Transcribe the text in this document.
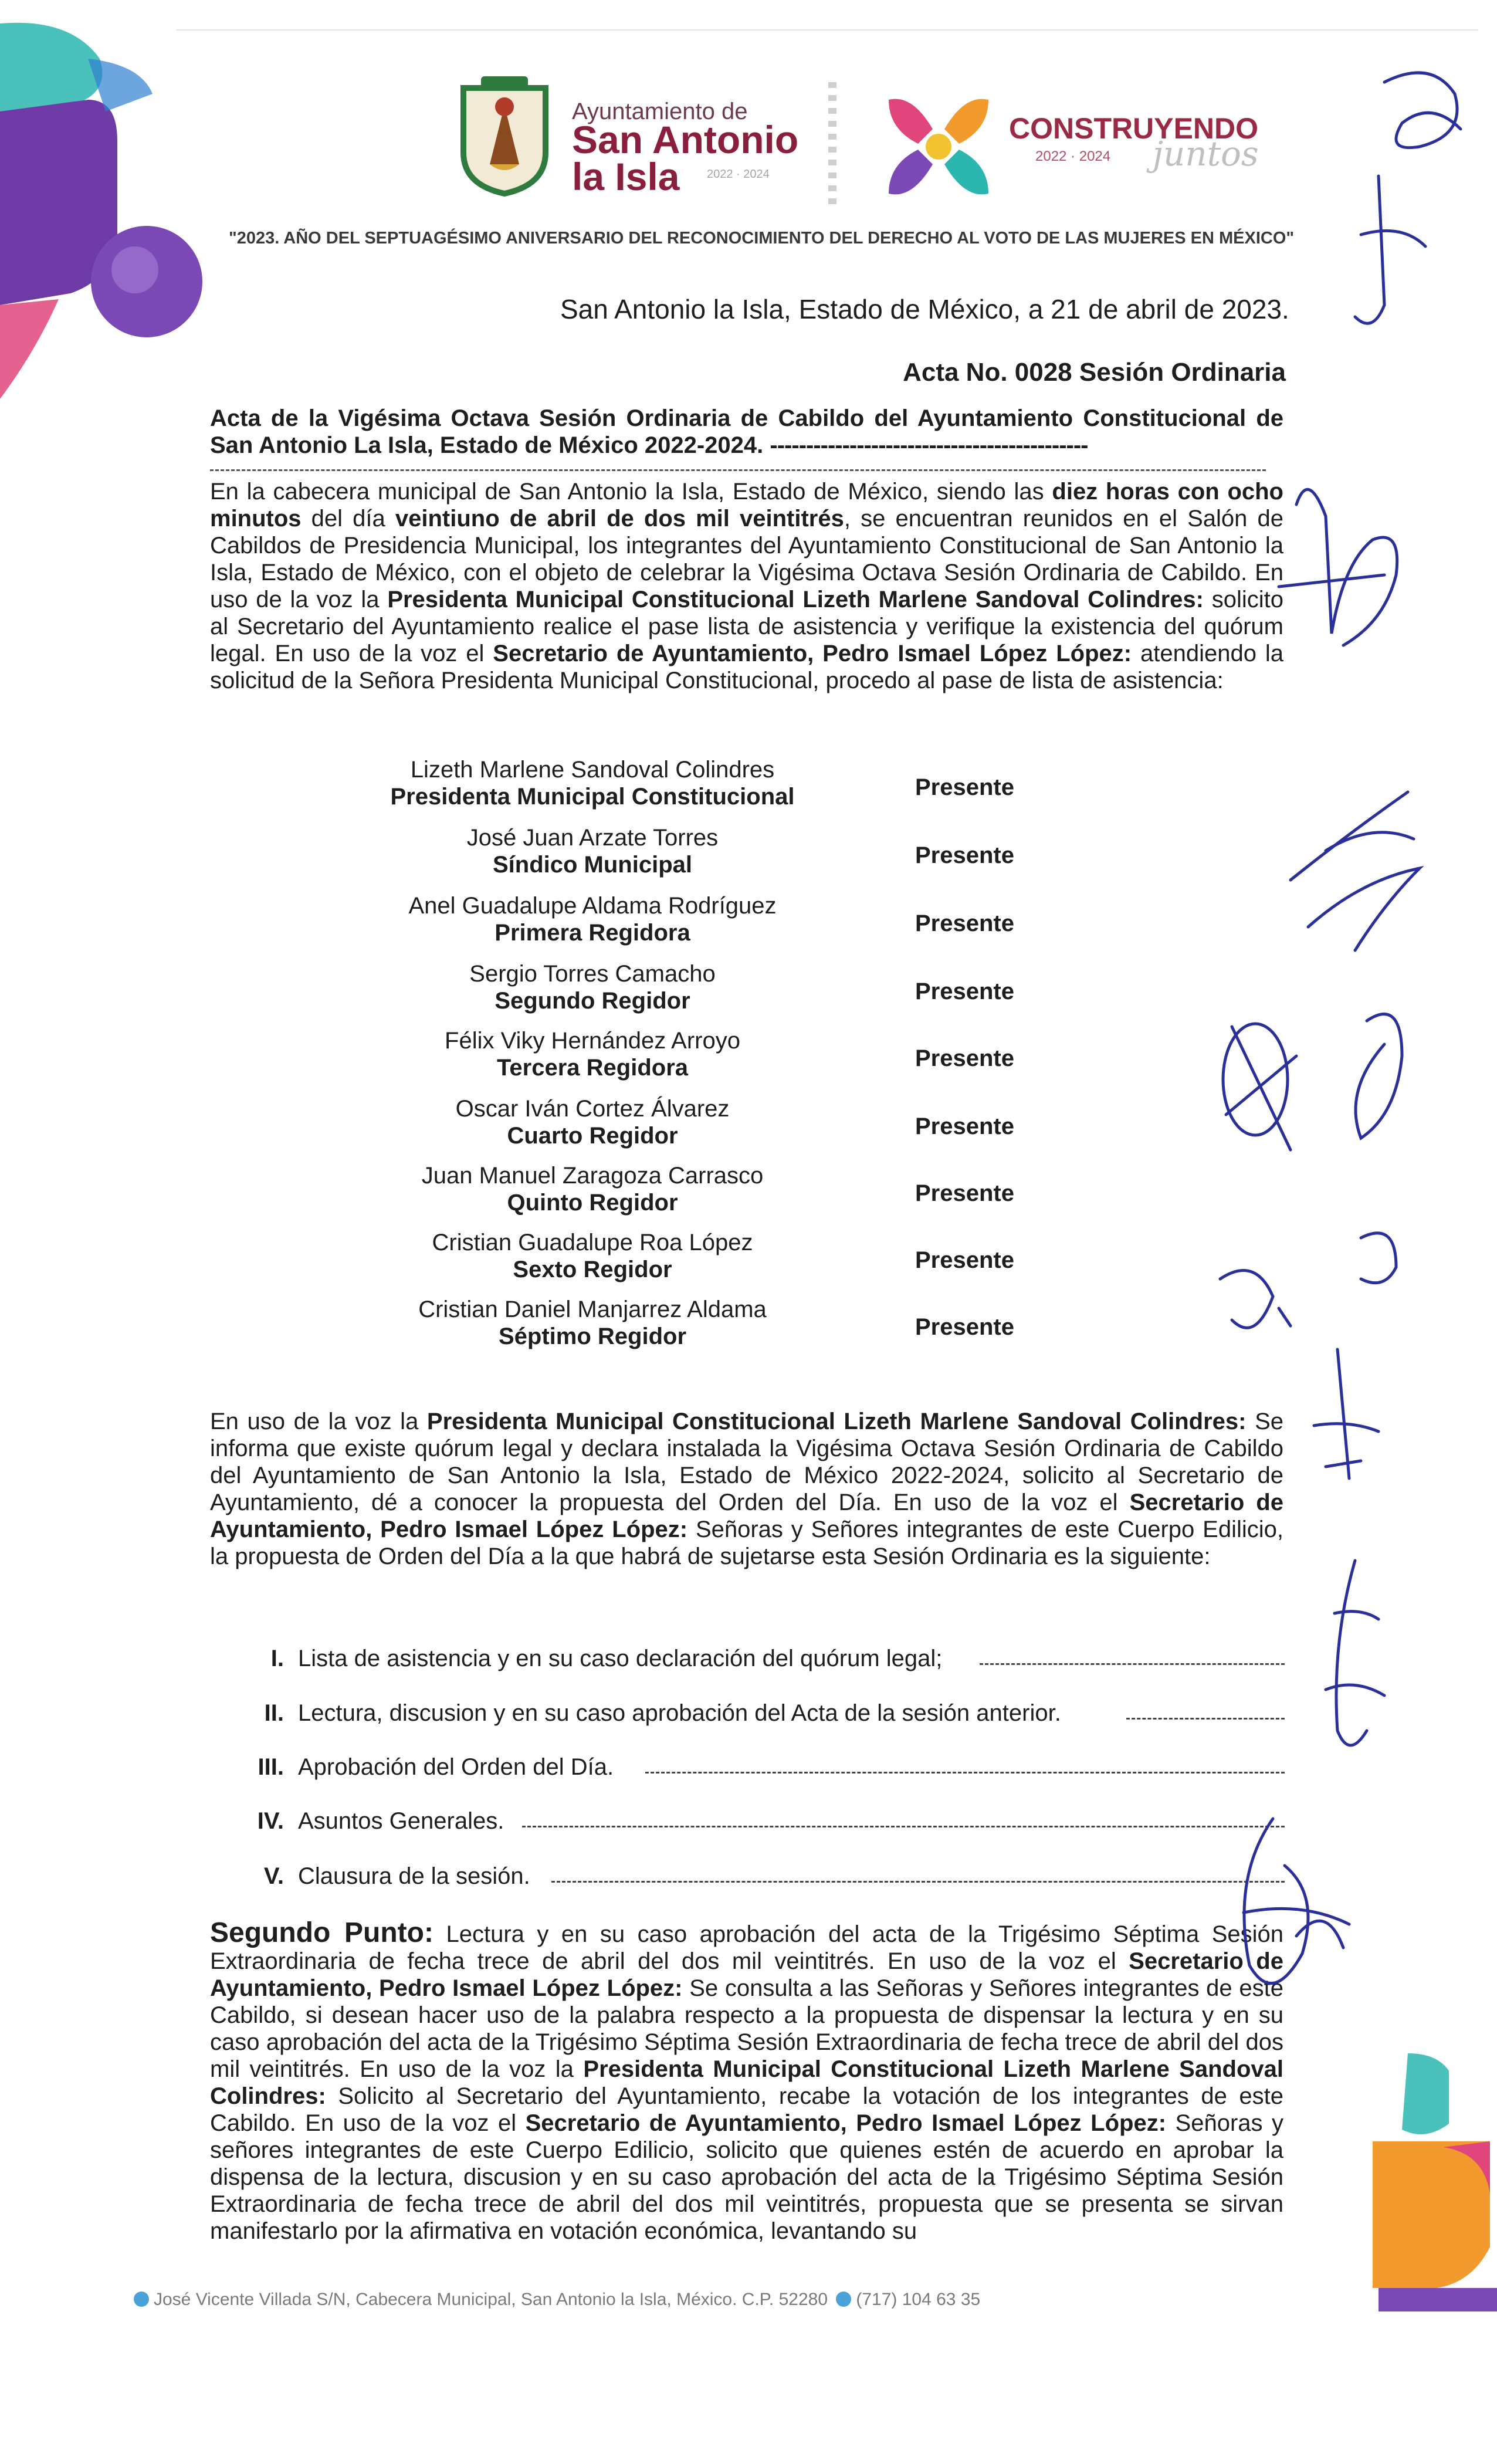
Ayuntamiento de
San Antonio
la Isla 2022 · 2024
CONSTRUYENDO
2022 · 2024 juntos
"2023. AÑO DEL SEPTUAGÉSIMO ANIVERSARIO DEL RECONOCIMIENTO DEL DERECHO AL VOTO DE LAS MUJERES EN MÉXICO"
San Antonio la Isla, Estado de México, a 21 de abril de 2023.
Acta No. 0028 Sesión Ordinaria
Acta de la Vigésima Octava Sesión Ordinaria de Cabildo del Ayuntamiento Constitucional de San Antonio La Isla, Estado de México 2022-2024. --------------------------------------------
En la cabecera municipal de San Antonio la Isla, Estado de México, siendo las diez horas con ocho minutos del día veintiuno de abril de dos mil veintitrés, se encuentran reunidos en el Salón de Cabildos de Presidencia Municipal, los integrantes del Ayuntamiento Constitucional de San Antonio la Isla, Estado de México, con el objeto de celebrar la Vigésima Octava Sesión Ordinaria de Cabildo. En uso de la voz la Presidenta Municipal Constitucional Lizeth Marlene Sandoval Colindres: solicito al Secretario del Ayuntamiento realice el pase lista de asistencia y verifique la existencia del quórum legal. En uso de la voz el Secretario de Ayuntamiento, Pedro Ismael López López: atendiendo la solicitud de la Señora Presidenta Municipal Constitucional, procedo al pase de lista de asistencia:
Lizeth Marlene Sandoval Colindres
Presidenta Municipal Constitucional	Presente
José Juan Arzate Torres
Síndico Municipal	Presente
Anel Guadalupe Aldama Rodríguez
Primera Regidora	Presente
Sergio Torres Camacho
Segundo Regidor	Presente
Félix Viky Hernández Arroyo
Tercera Regidora	Presente
Oscar Iván Cortez Álvarez
Cuarto Regidor	Presente
Juan Manuel Zaragoza Carrasco
Quinto Regidor	Presente
Cristian Guadalupe Roa López
Sexto Regidor	Presente
Cristian Daniel Manjarrez Aldama
Séptimo Regidor	Presente
En uso de la voz la Presidenta Municipal Constitucional Lizeth Marlene Sandoval Colindres: Se informa que existe quórum legal y declara instalada la Vigésima Octava Sesión Ordinaria de Cabildo del Ayuntamiento de San Antonio la Isla, Estado de México 2022-2024, solicito al Secretario de Ayuntamiento, dé a conocer la propuesta del Orden del Día. En uso de la voz el Secretario de Ayuntamiento, Pedro Ismael López López: Señoras y Señores integrantes de este Cuerpo Edilicio, la propuesta de Orden del Día a la que habrá de sujetarse esta Sesión Ordinaria es la siguiente:
I. Lista de asistencia y en su caso declaración del quórum legal;
II. Lectura, discusion y en su caso aprobación del Acta de la sesión anterior.
III. Aprobación del Orden del Día.
IV. Asuntos Generales.
V. Clausura de la sesión.
Segundo Punto: Lectura y en su caso aprobación del acta de la Trigésimo Séptima Sesión Extraordinaria de fecha trece de abril del dos mil veintitrés. En uso de la voz el Secretario de Ayuntamiento, Pedro Ismael López López: Se consulta a las Señoras y Señores integrantes de este Cabildo, si desean hacer uso de la palabra respecto a la propuesta de dispensar la lectura y en su caso aprobación del acta de la Trigésimo Séptima Sesión Extraordinaria de fecha trece de abril del dos mil veintitrés. En uso de la voz la Presidenta Municipal Constitucional Lizeth Marlene Sandoval Colindres: Solicito al Secretario del Ayuntamiento, recabe la votación de los integrantes de este Cabildo. En uso de la voz el Secretario de Ayuntamiento, Pedro Ismael López López: Señoras y señores integrantes de este Cuerpo Edilicio, solicito que quienes estén de acuerdo en aprobar la dispensa de la lectura, discusion y en su caso aprobación del acta de la Trigésimo Séptima Sesión Extraordinaria de fecha trece de abril del dos mil veintitrés, propuesta que se presenta se sirvan manifestarlo por la afirmativa en votación económica, levantando su
José Vicente Villada S/N, Cabecera Municipal, San Antonio la Isla, México. C.P. 52280 (717) 104 63 35
